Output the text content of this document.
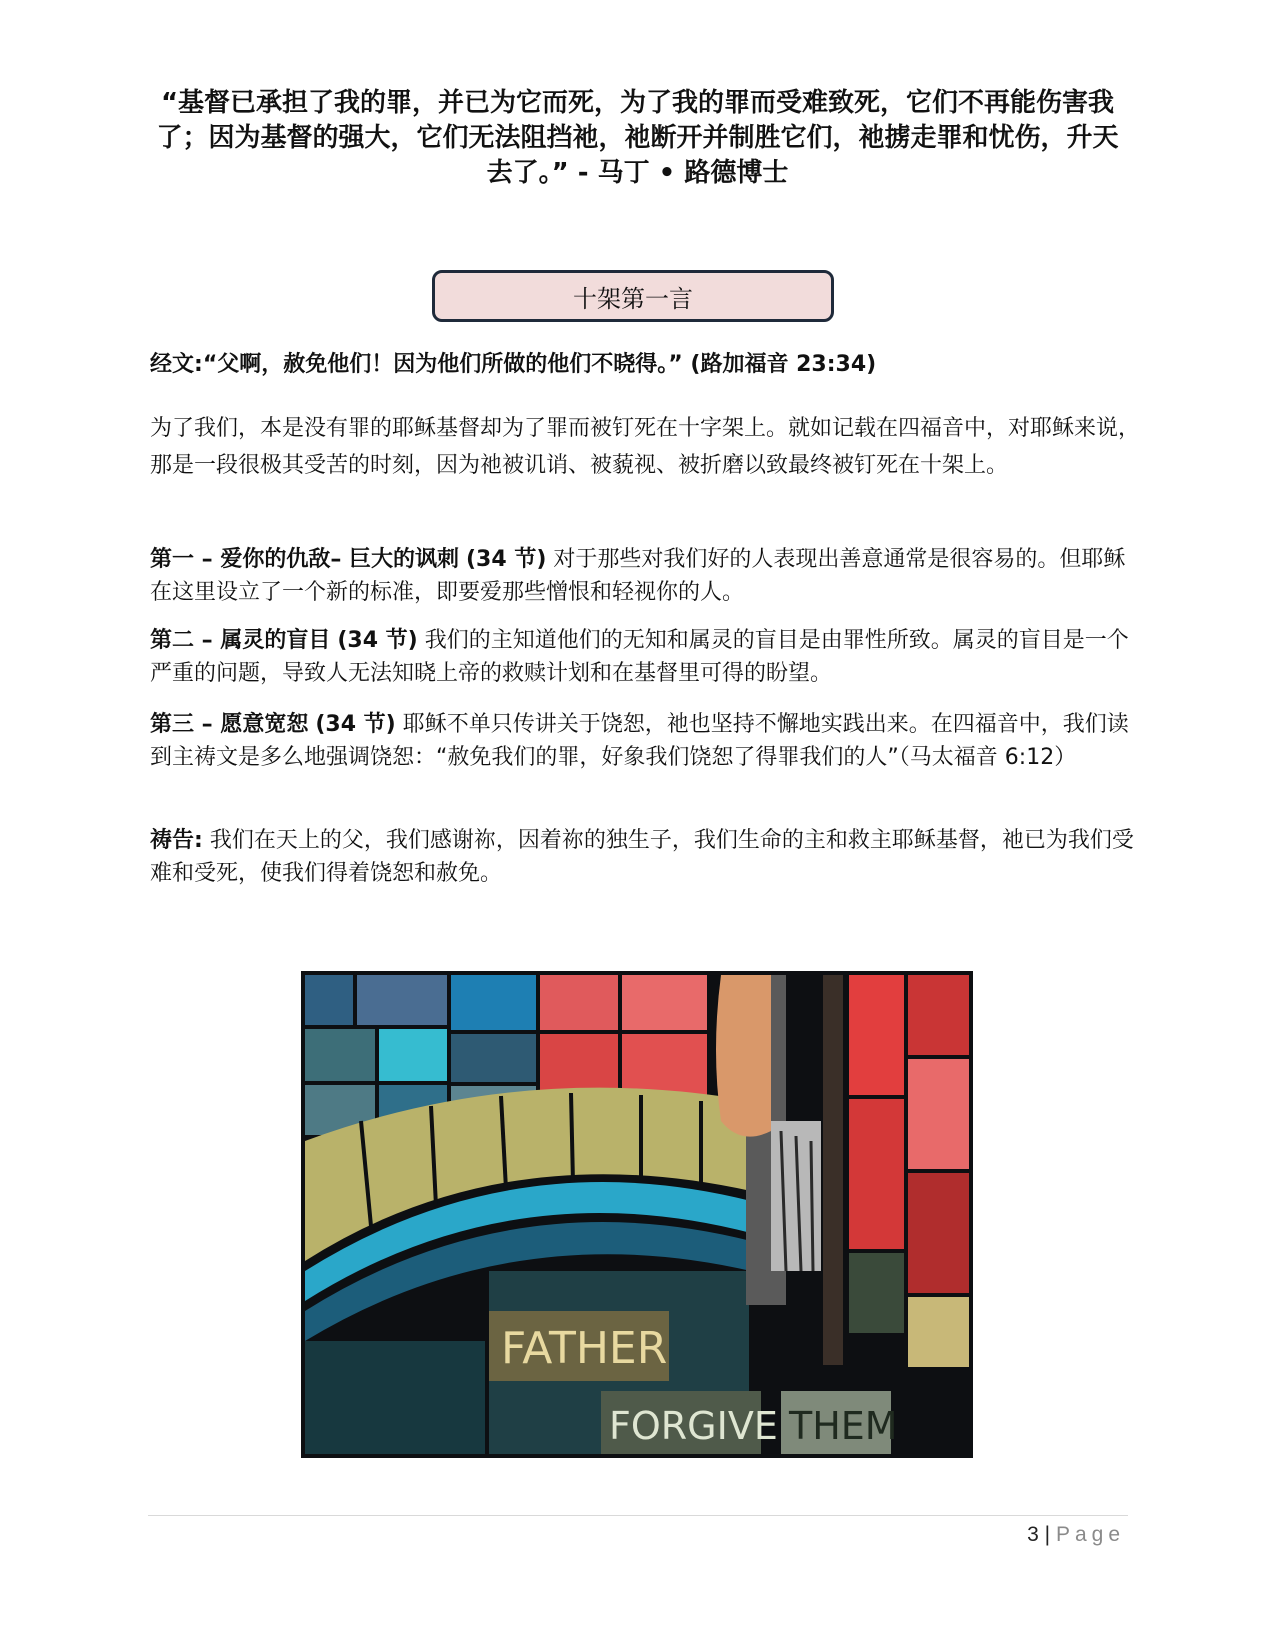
“基督已承担了我的罪，并已为它而死，为了我的罪而受难致死，它们不再能伤害我了；因为基督的强大，它们无法阻挡祂，祂断开并制胜它们，祂掳走罪和忧伤，升天去了。” - 马丁 • 路德博士
十架第一言
经文:“父啊，赦免他们！因为他们所做的他们不晓得。” (路加福音 23:34)
为了我们，本是没有罪的耶稣基督却为了罪而被钉死在十字架上。就如记载在四福音中，对耶稣来说，那是一段很极其受苦的时刻，因为祂被讥诮、被藐视、被折磨以致最终被钉死在十架上。
第一 – 爱你的仇敌– 巨大的讽刺 (34 节) 对于那些对我们好的人表现出善意通常是很容易的。但耶稣在这里设立了一个新的标准，即要爱那些憎恨和轻视你的人。
第二 – 属灵的盲目 (34 节) 我们的主知道他们的无知和属灵的盲目是由罪性所致。属灵的盲目是一个严重的问题，导致人无法知晓上帝的救赎计划和在基督里可得的盼望。
第三 – 愿意宽恕 (34 节) 耶稣不单只传讲关于饶恕，祂也坚持不懈地实践出来。在四福音中，我们读到主祷文是多么地强调饶恕：“赦免我们的罪，好象我们饶恕了得罪我们的人”（马太福音 6:12）
祷告: 我们在天上的父，我们感谢祢，因着祢的独生子，我们生命的主和救主耶稣基督，祂已为我们受难和受死，使我们得着饶恕和赦免。
FATHER
FORGIVE THEM
3 | Page
